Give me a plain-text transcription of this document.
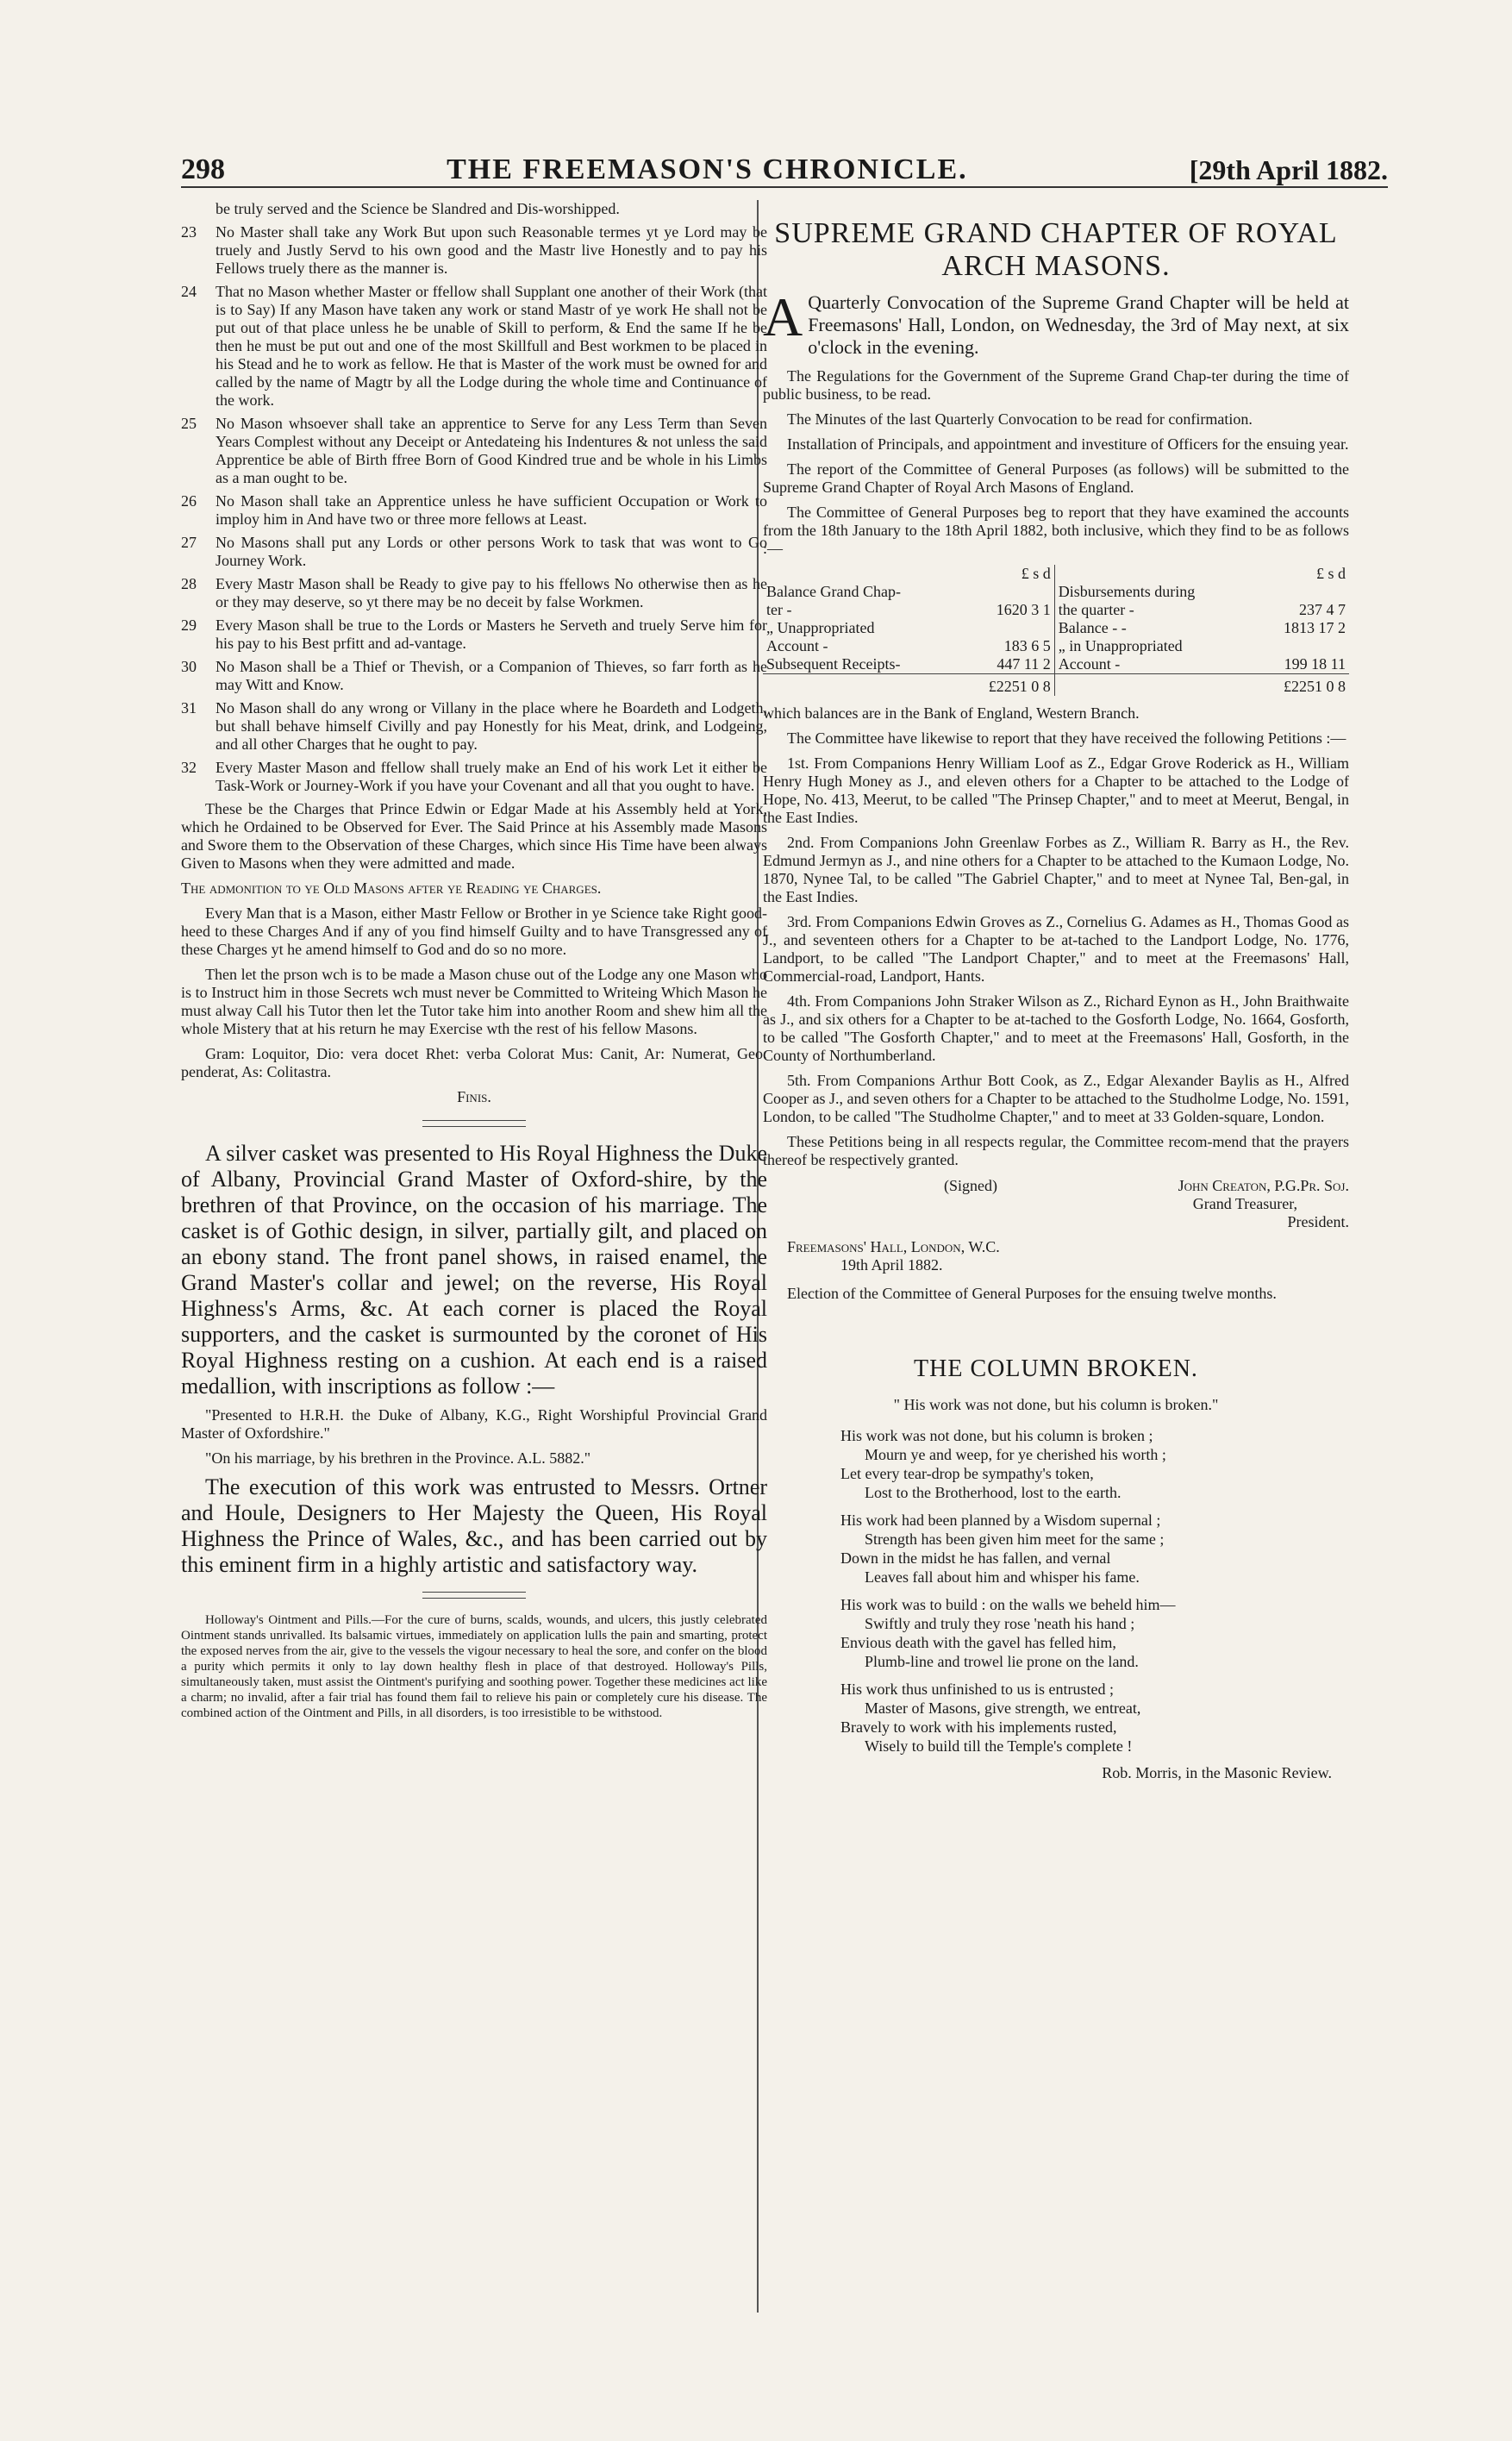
298	THE FREEMASON'S CHRONICLE.	[29th April 1882.

be truly served and the Science be Slandred and Dis-worshipped.

23 No Master shall take any Work But upon such Reasonable termes yt ye Lord may be truely and Justly Servd to his own good and the Mastr live Honestly and to pay his Fellows truely there as the manner is.
24 That no Mason whether Master or ffellow shall Supplant one another of their Work (that is to Say) If any Mason have taken any work or stand Mastr of ye work He shall not be put out of that place unless he be unable of Skill to perform, & End the same If he be then he must be put out and one of the most Skillfull and Best workmen to be placed in his Stead and he to work as fellow. He that is Master of the work must be owned for and called by the name of Magtr by all the Lodge during the whole time and Continuance of the work.
25 No Mason whsoever shall take an apprentice to Serve for any Less Term than Seven Years Complest without any Deceipt or Antedateing his Indentures & not unless the said Apprentice be able of Birth ffree Born of Good Kindred true and be whole in his Limbs as a man ought to be.
26 No Mason shall take an Apprentice unless he have sufficient Occupation or Work to imploy him in And have two or three more fellows at Least.
27 No Masons shall put any Lords or other persons Work to task that was wont to Go Journey Work.
28 Every Mastr Mason shall be Ready to give pay to his ffellows No otherwise then as he or they may deserve, so yt there may be no deceit by false Workmen.
29 Every Mason shall be true to the Lords or Masters he Serveth and truely Serve him for his pay to his Best prfitt and ad-vantage.
30 No Mason shall be a Thief or Thevish, or a Companion of Thieves, so farr forth as he may Witt and Know.
31 No Mason shall do any wrong or Villany in the place where he Boardeth and Lodgeth, but shall behave himself Civilly and pay Honestly for his Meat, drink, and Lodgeing, and all other Charges that he ought to pay.
32 Every Master Mason and ffellow shall truely make an End of his work Let it either be Task-Work or Journey-Work if you have your Covenant and all that you ought to have.

These be the Charges that Prince Edwin or Edgar Made at his Assembly held at York, which he Ordained to be Observed for Ever. The Said Prince at his Assembly made Masons and Swore them to the Observation of these Charges, which since His Time have been always Given to Masons when they were admitted and made.

The admonition to ye Old Masons after ye Reading ye Charges.

Every Man that is a Mason, either Mastr Fellow or Brother in ye Science take Right good-heed to these Charges And if any of you find himself Guilty and to have Transgressed any of these Charges yt he amend himself to God and do so no more.

Then let the prson wch is to be made a Mason chuse out of the Lodge any one Mason who is to Instruct him in those Secrets wch must never be Committed to Writeing Which Mason he must alway Call his Tutor then let the Tutor take him into another Room and shew him all the whole Mistery that at his return he may Exercise wth the rest of his fellow Masons.

Gram: Loquitor, Dio: vera docet Rhet: verba Colorat Mus: Canit, Ar: Numerat, Geo: penderat, As: Colitastra.

Finis.

A silver casket was presented to His Royal Highness the Duke of Albany, Provincial Grand Master of Oxford-shire, by the brethren of that Province, on the occasion of his marriage. The casket is of Gothic design, in silver, partially gilt, and placed on an ebony stand. The front panel shows, in raised enamel, the Grand Master's collar and jewel; on the reverse, His Royal Highness's Arms, &c. At each corner is placed the Royal supporters, and the casket is surmounted by the coronet of His Royal Highness resting on a cushion. At each end is a raised medallion, with inscriptions as follow :—

"Presented to H.R.H. the Duke of Albany, K.G., Right Worshipful Provincial Grand Master of Oxfordshire."

"On his marriage, by his brethren in the Province. A.L. 5882."

The execution of this work was entrusted to Messrs. Ortner and Houle, Designers to Her Majesty the Queen, His Royal Highness the Prince of Wales, &c., and has been carried out by this eminent firm in a highly artistic and satisfactory way.

Holloway's Ointment and Pills.—For the cure of burns, scalds, wounds, and ulcers, this justly celebrated Ointment stands unrivalled. Its balsamic virtues, immediately on application lulls the pain and smarting, protect the exposed nerves from the air, give to the vessels the vigour necessary to heal the sore, and confer on the blood a purity which permits it only to lay down healthy flesh in place of that destroyed. Holloway's Pills, simultaneously taken, must assist the Ointment's purifying and soothing power. Together these medicines act like a charm; no invalid, after a fair trial has found them fail to relieve his pain or completely cure his disease. The combined action of the Ointment and Pills, in all disorders, is too irresistible to be withstood.

SUPREME GRAND CHAPTER OF ROYAL ARCH MASONS.
A Quarterly Convocation of the Supreme Grand Chapter will be held at Freemasons' Hall, London, on Wednesday, the 3rd of May next, at six o'clock in the evening.

The Regulations for the Government of the Supreme Grand Chap-ter during the time of public business, to be read.

The Minutes of the last Quarterly Convocation to be read for confirmation.

Installation of Principals, and appointment and investiture of Officers for the ensuing year.

The report of the Committee of General Purposes (as follows) will be submitted to the Supreme Grand Chapter of Royal Arch Masons of England.

The Committee of General Purposes beg to report that they have examined the accounts from the 18th January to the 18th April 1882, both inclusive, which they find to be as follows :—

	£ s d		£ s d
Balance Grand Chap-		Disbursements during	
ter -	1620 3 1	the quarter -	237 4 7
„ Unappropriated		Balance - -	1813 17 2
Account -	183 6 5	„ in Unappropriated	
Subsequent Receipts-	447 11 2	Account -	199 18 11
	£2251 0 8		£2251 0 8

which balances are in the Bank of England, Western Branch.

The Committee have likewise to report that they have received the following Petitions :—

1st. From Companions Henry William Loof as Z., Edgar Grove Roderick as H., William Henry Hugh Money as J., and eleven others for a Chapter to be attached to the Lodge of Hope, No. 413, Meerut, to be called "The Prinsep Chapter," and to meet at Meerut, Bengal, in the East Indies.

2nd. From Companions John Greenlaw Forbes as Z., William R. Barry as H., the Rev. Edmund Jermyn as J., and nine others for a Chapter to be attached to the Kumaon Lodge, No. 1870, Nynee Tal, to be called "The Gabriel Chapter," and to meet at Nynee Tal, Ben-gal, in the East Indies.

3rd. From Companions Edwin Groves as Z., Cornelius G. Adames as H., Thomas Good as J., and seventeen others for a Chapter to be at-tached to the Landport Lodge, No. 1776, Landport, to be called "The Landport Chapter," and to meet at the Freemasons' Hall, Commercial-road, Landport, Hants.

4th. From Companions John Straker Wilson as Z., Richard Eynon as H., John Braithwaite as J., and six others for a Chapter to be at-tached to the Gosforth Lodge, No. 1664, Gosforth, to be called "The Gosforth Chapter," and to meet at the Freemasons' Hall, Gosforth, in the County of Northumberland.

5th. From Companions Arthur Bott Cook, as Z., Edgar Alexander Baylis as H., Alfred Cooper as J., and seven others for a Chapter to be attached to the Studholme Lodge, No. 1591, London, to be called "The Studholme Chapter," and to meet at 33 Golden-square, London.

These Petitions being in all respects regular, the Committee recom-mend that the prayers thereof be respectively granted.

(Signed)	John Creaton, P.G.Pr. Soj.
Grand Treasurer,
President.
Freemasons' Hall, London, W.C.
19th April 1882.

Election of the Committee of General Purposes for the ensuing twelve months.

THE COLUMN BROKEN.
" His work was not done, but his column is broken."
His work was not done, but his column is broken ;
Mourn ye and weep, for ye cherished his worth ;
Let every tear-drop be sympathy's token,
Lost to the Brotherhood, lost to the earth.
His work had been planned by a Wisdom supernal ;
Strength has been given him meet for the same ;
Down in the midst he has fallen, and vernal
Leaves fall about him and whisper his fame.
His work was to build : on the walls we beheld him—
Swiftly and truly they rose 'neath his hand ;
Envious death with the gavel has felled him,
Plumb-line and trowel lie prone on the land.
His work thus unfinished to us is entrusted ;
Master of Masons, give strength, we entreat,
Bravely to work with his implements rusted,
Wisely to build till the Temple's complete !
Rob. Morris, in the Masonic Review.
